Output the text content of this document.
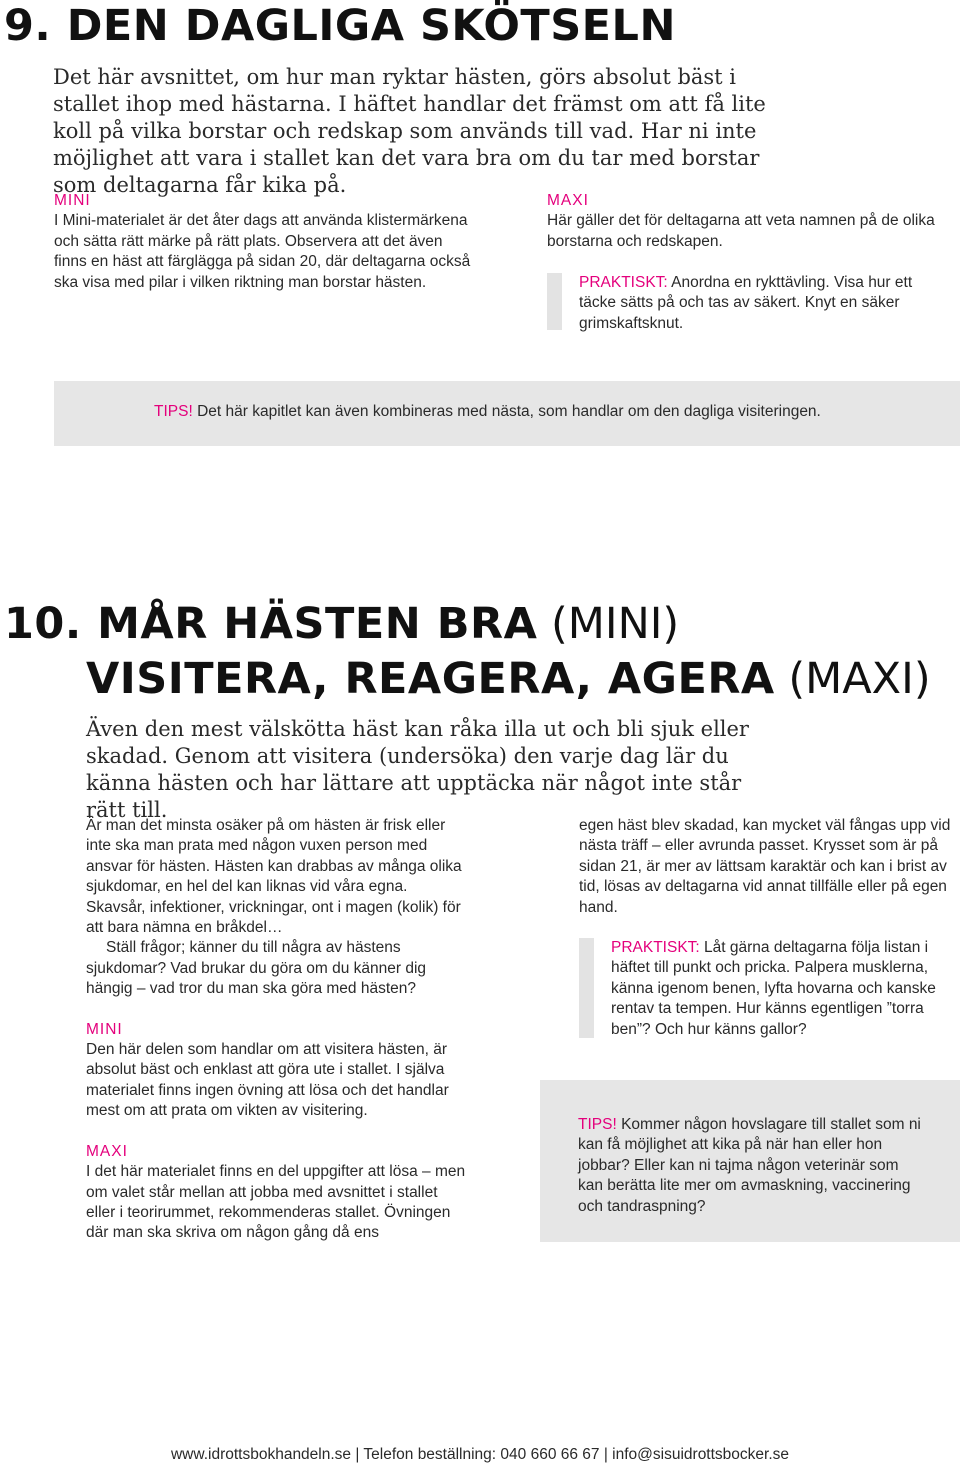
9. DEN DAGLIGA SKÖTSELN
Det här avsnittet, om hur man ryktar hästen, görs absolut bäst i stallet ihop med hästarna. I häftet handlar det främst om att få lite koll på vilka borstar och redskap som används till vad. Har ni inte möjlighet att vara i stallet kan det vara bra om du tar med borstar som deltagarna får kika på.

MINI

I Mini-materialet är det åter dags att använda klistermärkena och sätta rätt märke på rätt plats. Observera att det även finns en häst att färglägga på sidan 20, där deltagarna också ska visa med pilar i vilken riktning man borstar hästen.

MAXI

Här gäller det för deltagarna att veta namnen på de olika borstarna och redskapen.

PRAKTISKT: Anordna en rykttävling. Visa hur ett täcke sätts på och tas av säkert. Knyt en säker grimskaftsknut.

TIPS! Det här kapitlet kan även kombineras med nästa, som handlar om den dagliga visiteringen.

10. MÅR HÄSTEN BRA (MINI)
VISITERA, REAGERA, AGERA (MAXI)
Även den mest välskötta häst kan råka illa ut och bli sjuk eller skadad. Genom att visitera (undersöka) den varje dag lär du känna hästen och har lättare att upptäcka när något inte står rätt till.

Är man det minsta osäker på om hästen är frisk eller inte ska man prata med någon vuxen person med ansvar för hästen. Hästen kan drabbas av många olika sjukdomar, en hel del kan liknas vid våra egna. Skavsår, infektioner, vrickningar, ont i magen (kolik) för att bara nämna en bråkdel…

Ställ frågor; känner du till några av hästens sjukdomar? Vad brukar du göra om du känner dig hängig – vad tror du man ska göra med hästen?

MINI

Den här delen som handlar om att visitera hästen, är absolut bäst och enklast att göra ute i stallet. I själva materialet finns ingen övning att lösa och det handlar mest om att prata om vikten av visitering.

MAXI

I det här materialet finns en del uppgifter att lösa – men om valet står mellan att jobba med avsnittet i stallet eller i teorirummet, rekommenderas stallet. Övningen där man ska skriva om någon gång då ens

egen häst blev skadad, kan mycket väl fångas upp vid nästa träff – eller avrunda passet. Krysset som är på sidan 21, är mer av lättsam karaktär och kan i brist av tid, lösas av deltagarna vid annat tillfälle eller på egen hand.

PRAKTISKT: Låt gärna deltagarna följa listan i häftet till punkt och pricka. Palpera musklerna, känna igenom benen, lyfta hovarna och kanske rentav ta tempen. Hur känns egentligen ”torra ben”? Och hur känns gallor?

TIPS! Kommer någon hovslagare till stallet som ni kan få möjlighet att kika på när han eller hon jobbar? Eller kan ni tajma någon veterinär som kan berätta lite mer om avmaskning, vaccinering och tandraspning?

www.idrottsbokhandeln.se | Telefon beställning: 040 660 66 67 | info@sisuidrottsbocker.se
